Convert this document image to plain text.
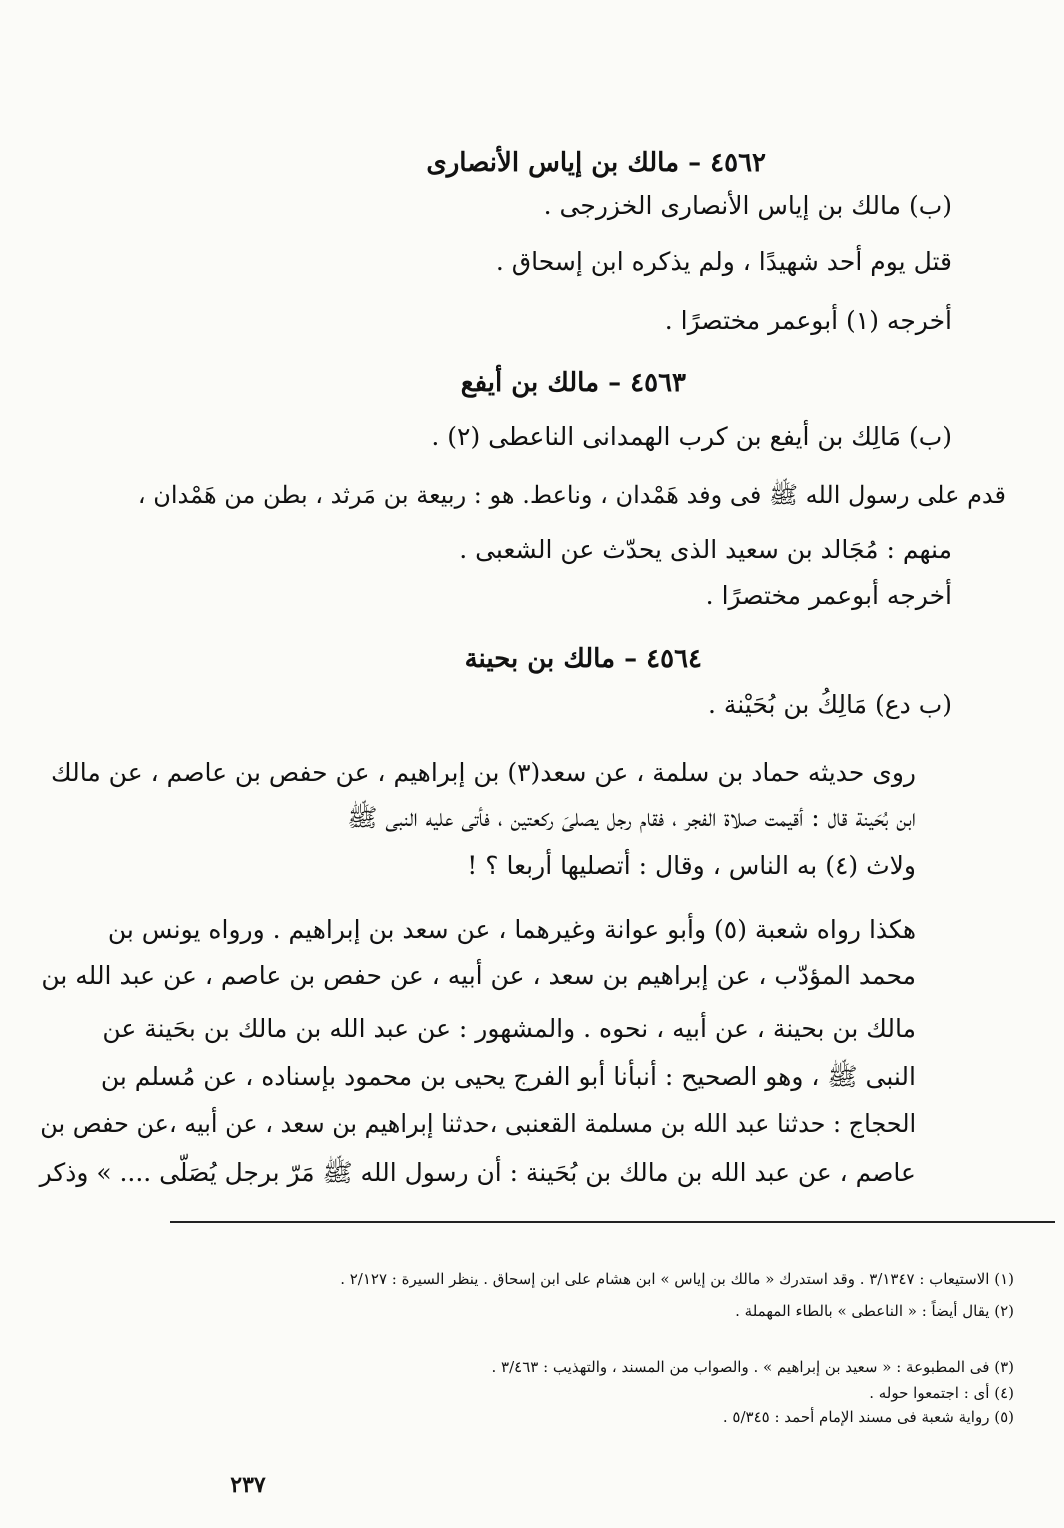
٤٥٦٢ – مالك بن إياس الأنصارى
(ب) مالك بن إياس الأنصارى الخزرجى .
قتل يوم أحد شهيدًا ، ولم يذكره ابن إسحاق .
أخرجه (١) أبوعمر مختصرًا .
٤٥٦٣ – مالك بن أيفع
(ب) مَالِك بن أيفع بن كرب الهمدانى الناعطى (٢) .
قدم على رسول الله ﷺ فى وفد هَمْدان ، وناعط. هو : ربيعة بن مَرثد ، بطن من هَمْدان ،
منهم : مُجَالد بن سعيد الذى يحدّث عن الشعبى .
أخرجه أبوعمر مختصرًا .
٤٥٦٤ – مالك بن بحينة
(ب دع) مَالِكُ بن بُحَيْنة .
روى حديثه حماد بن سلمة ، عن سعد(٣) بن إبراهيم ، عن حفص بن عاصم ، عن مالك
ابن بُحَينة قال : أقيمت صلاة الفجر ، فقام رجل يصلىَ ركعتين ، فأتى عليه النبى ﷺ
ولاث (٤) به الناس ، وقال : أتصليها أربعا ؟ !
هكذا رواه شعبة (٥) وأبو عوانة وغيرهما ، عن سعد بن إبراهيم . ورواه يونس بن
محمد المؤدّب ، عن إبراهيم بن سعد ، عن أبيه ، عن حفص بن عاصم ، عن عبد الله بن
مالك بن بحينة ، عن أبيه ، نحوه . والمشهور : عن عبد الله بن مالك بن بحَينة عن
النبى ﷺ ، وهو الصحيح : أنبأنا أبو الفرج يحيى بن محمود بإسناده ، عن مُسلم بن
الحجاج : حدثنا عبد الله بن مسلمة القعنبى ،حدثنا إبراهيم بن سعد ، عن أبيه ،عن حفص بن
عاصم ، عن عبد الله بن مالك بن بُحَينة : أن رسول الله ﷺ مَرّ برجل يُصَلّى .... » وذكر
(١) الاستيعاب : ٣/١٣٤٧ . وقد استدرك « مالك بن إياس » ابن هشام على ابن إسحاق . ينظر السيرة : ٢/١٢٧ .
(٢) يقال أيضاً : « الناعطى » بالطاء المهملة .
(٣) فى المطبوعة : « سعيد بن إبراهيم » . والصواب من المسند ، والتهذيب : ٣/٤٦٣ .
(٤) أى : اجتمعوا حوله .
(٥) رواية شعبة فى مسند الإمام أحمد : ٥/٣٤٥ .
٢٣٧
